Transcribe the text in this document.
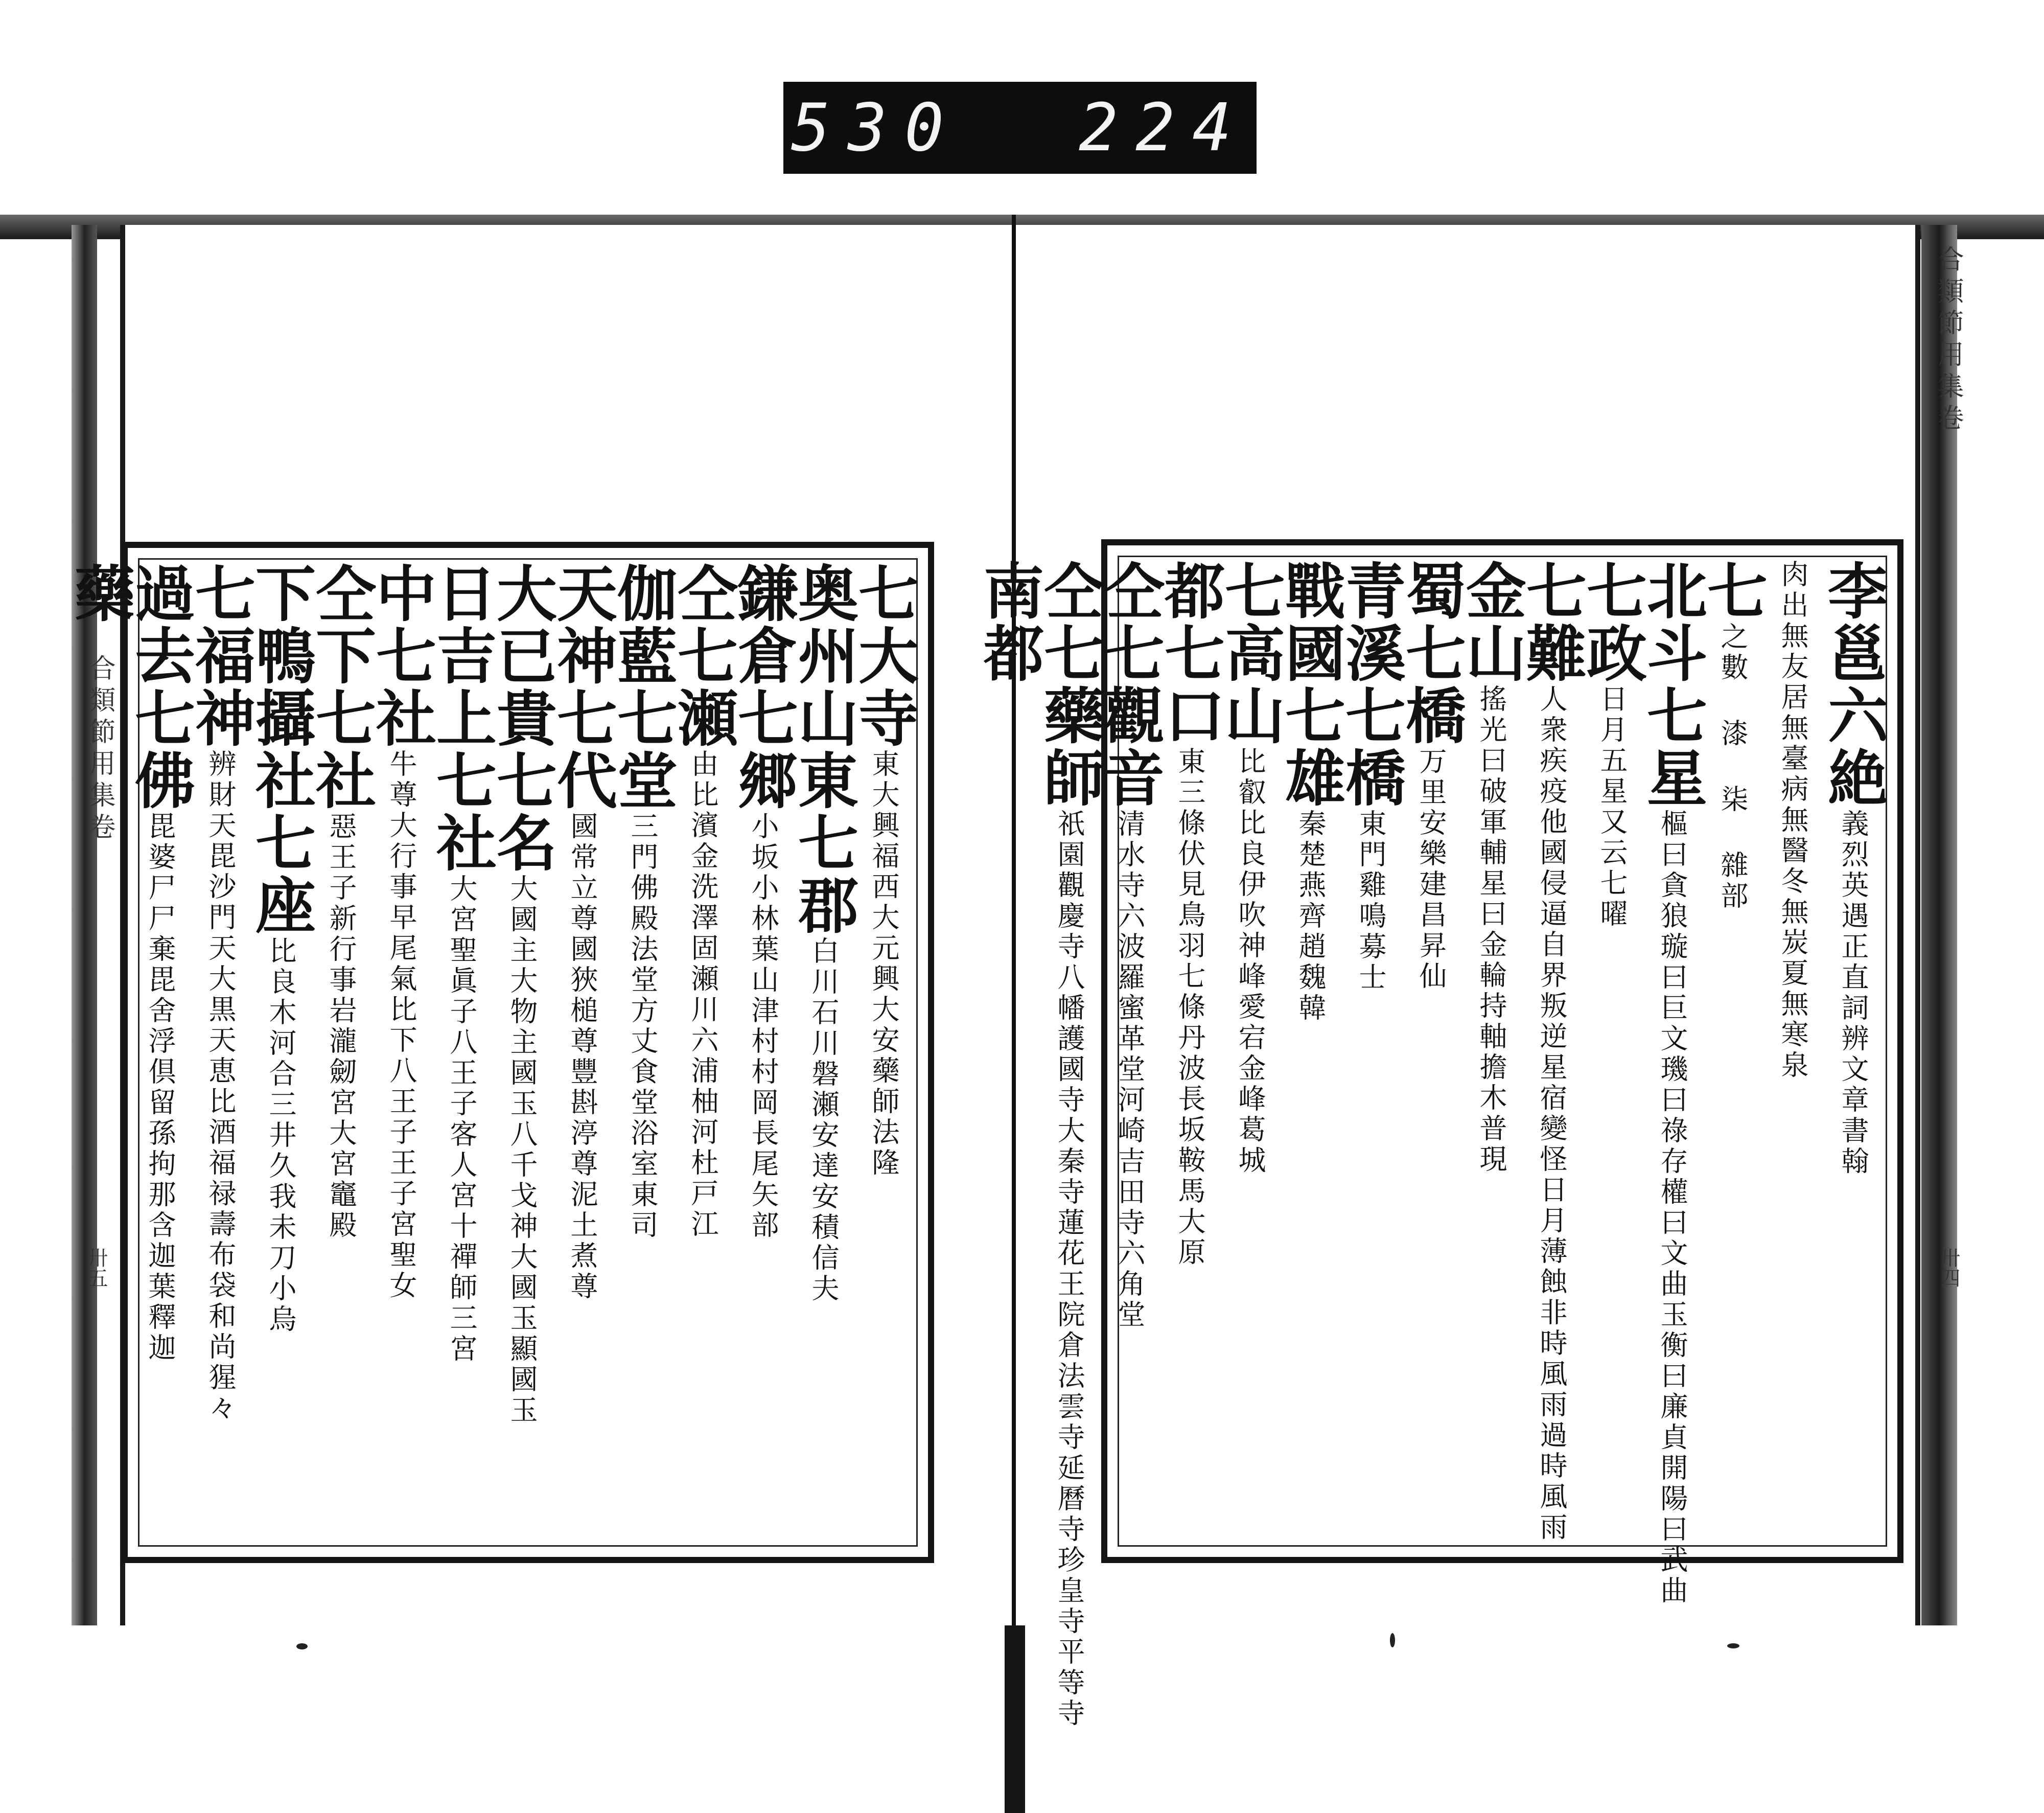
530 224
合類節用集卷
卅五
合類節用集卷
卅四
七大寺東大興福西大元興大安藥師法隆
奥州山東七郡白川石川磐瀬安達安積信夫
鎌倉七郷小坂小林葉山津村村岡長尾矢部
仝七瀬由比濱金洗澤固瀬川六浦柚河杜戸江
伽藍七堂三門佛殿法堂方丈食堂浴室東司
天神七代國常立尊國狹槌尊豐斟渟尊泥土煮尊
大已貴七名大國主大物主國玉八千戈神大國玉顯國玉
日吉上七社大宮聖眞子八王子客人宮十禪師三宮
中七社牛尊大行事早尾氣比下八王子王子宮聖女
仝下七社惡王子新行事岩瀧劒宮大宮竈殿
下鴨攝社七座比良木河合三井久我未刀小烏
七福神辨財天毘沙門天大黒天恵比酒福禄壽布袋和尚猩々
過去七佛毘婆尸尸棄毘舍浮倶留孫拘那含迦葉釋迦
藥	李邕六絶義烈英遇正直詞辨文章書翰
肉出無友居無臺病無醫冬無炭夏無寒泉
七之數 漆 柒 雜部
北斗七星樞曰貪狼璇曰巨文璣曰祿存權曰文曲玉衡曰廉貞開陽曰武曲
七政日月五星又云七曜
七難人衆疾疫他國侵逼自界叛逆星宿變怪日月薄蝕非時風雨過時風雨
金山搖光曰破軍輔星曰金輪持軸擔木普現
蜀七橋万里安樂建昌昇仙
青溪七橋東門雞鳴募士
戰國七雄秦楚燕齊趙魏韓
七高山比叡比良伊吹神峰愛宕金峰葛城
都七口東三條伏見鳥羽七條丹波長坂鞍馬大原
仝七觀音清水寺六波羅蜜革堂河崎吉田寺六角堂
仝七藥師祇園觀慶寺八幡護國寺大秦寺蓮花王院倉法雲寺延曆寺珍皇寺平等寺
南都
